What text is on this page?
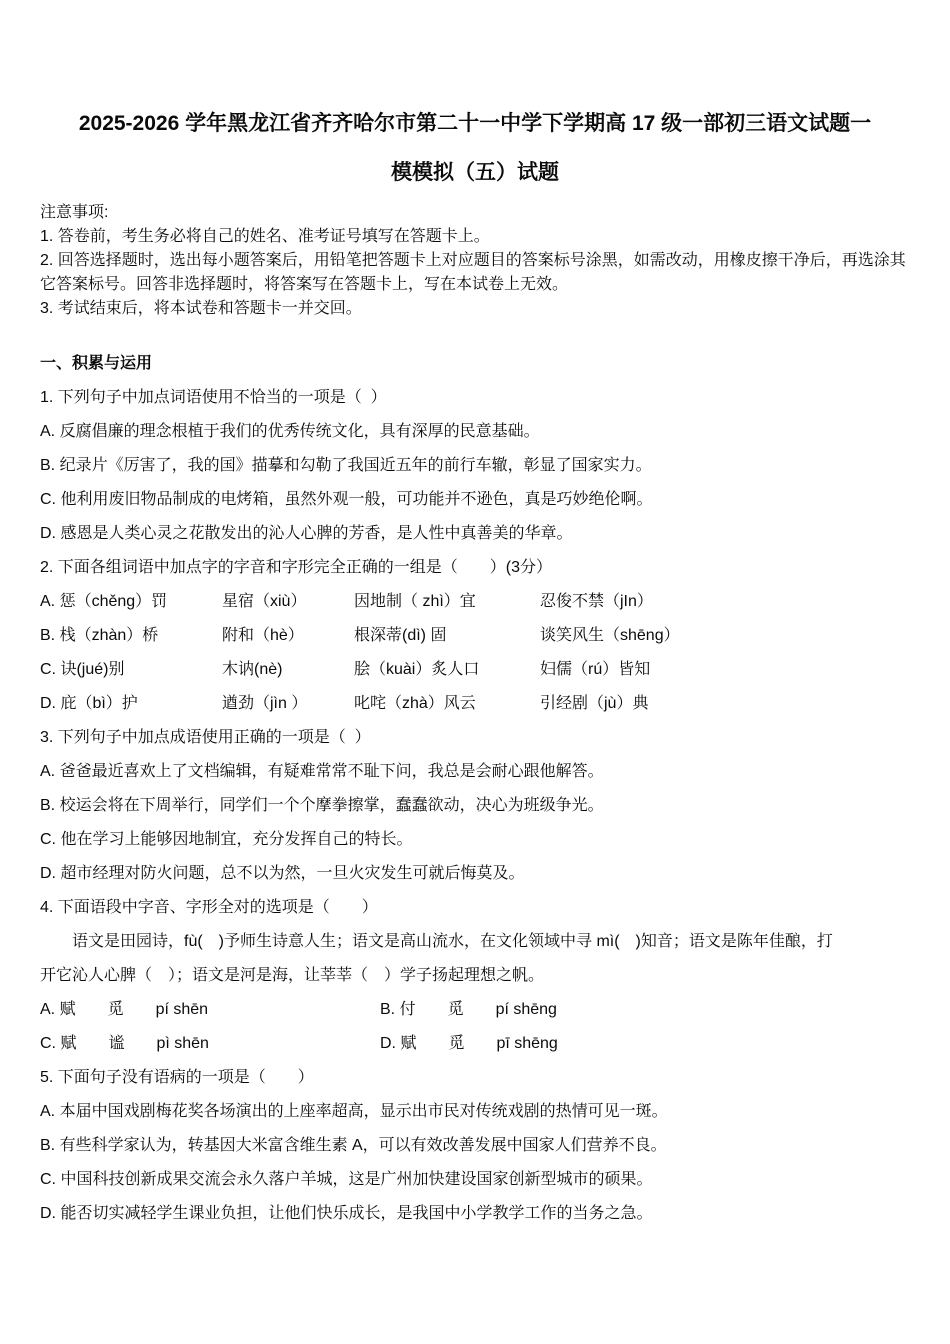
2025-2026 学年黑龙江省齐齐哈尔市第二十一中学下学期高 17 级一部初三语文试题一
模模拟（五）试题

注意事项:

1. 答卷前，考生务必将自己的姓名、准考证号填写在答题卡上。

2. 回答选择题时，选出每小题答案后，用铅笔把答题卡上对应题目的答案标号涂黑，如需改动，用橡皮擦干净后，再选涂其它答案标号。回答非选择题时，将答案写在答题卡上，写在本试卷上无效。

3. 考试结束后，将本试卷和答题卡一并交回。

一、积累与运用
1. 下列句子中加点词语使用不恰当的一项是（  ）
A. 反腐倡廉的理念根植于我们的优秀传统文化，具有深厚的民意基础。
B. 纪录片《厉害了，我的国》描摹和勾勒了我国近五年的前行车辙，彰显了国家实力。
C. 他利用废旧物品制成的电烤箱，虽然外观一般，可功能并不逊色，真是巧妙绝伦啊。
D. 感恩是人类心灵之花散发出的沁人心脾的芳香，是人性中真善美的华章。
2. 下面各组词语中加点字的字音和字形完全正确的一组是（　　）(3分）
A. 惩（chěng）罚	星宿（xiù）	因地制（ zhì）宜	忍俊不禁（jIn）
B. 栈（zhàn）桥	附和（hè）	根深蒂(dì) 固	谈笑风生（shēng）
C. 诀(jué)别	木讷(nè)	脍（kuài）炙人口	妇儒（rú）皆知
D. 庇（bì）护	遒劲（jìn ）	叱咤（zhà）风云	引经剧（jù）典
3. 下列句子中加点成语使用正确的一项是（  ）
A. 爸爸最近喜欢上了文档编辑，有疑难常常不耻下问，我总是会耐心跟他解答。
B. 校运会将在下周举行，同学们一个个摩拳擦掌，蠢蠢欲动，决心为班级争光。
C. 他在学习上能够因地制宜，充分发挥自己的特长。
D. 超市经理对防火问题，总不以为然，一旦火灾发生可就后悔莫及。
4. 下面语段中字音、字形全对的选项是（　　）
　　语文是田园诗，fù(　)予师生诗意人生；语文是高山流水，在文化领域中寻 mì(　)知音；语文是陈年佳酿，打
开它沁人心脾（　）；语文是河是海，让莘莘（　）学子扬起理想之帆。
A. 赋　　觅　　pí shēn	B. 付　　觅　　pí shēng
C. 赋　　谧　　pì shēn	D. 赋　　觅　　pī shēng
5. 下面句子没有语病的一项是（　　）
A. 本届中国戏剧梅花奖各场演出的上座率超高，显示出市民对传统戏剧的热情可见一斑。
B. 有些科学家认为，转基因大米富含维生素 A，可以有效改善发展中国家人们营养不良。
C. 中国科技创新成果交流会永久落户羊城，这是广州加快建设国家创新型城市的硕果。
D. 能否切实减轻学生课业负担，让他们快乐成长，是我国中小学教学工作的当务之急。
